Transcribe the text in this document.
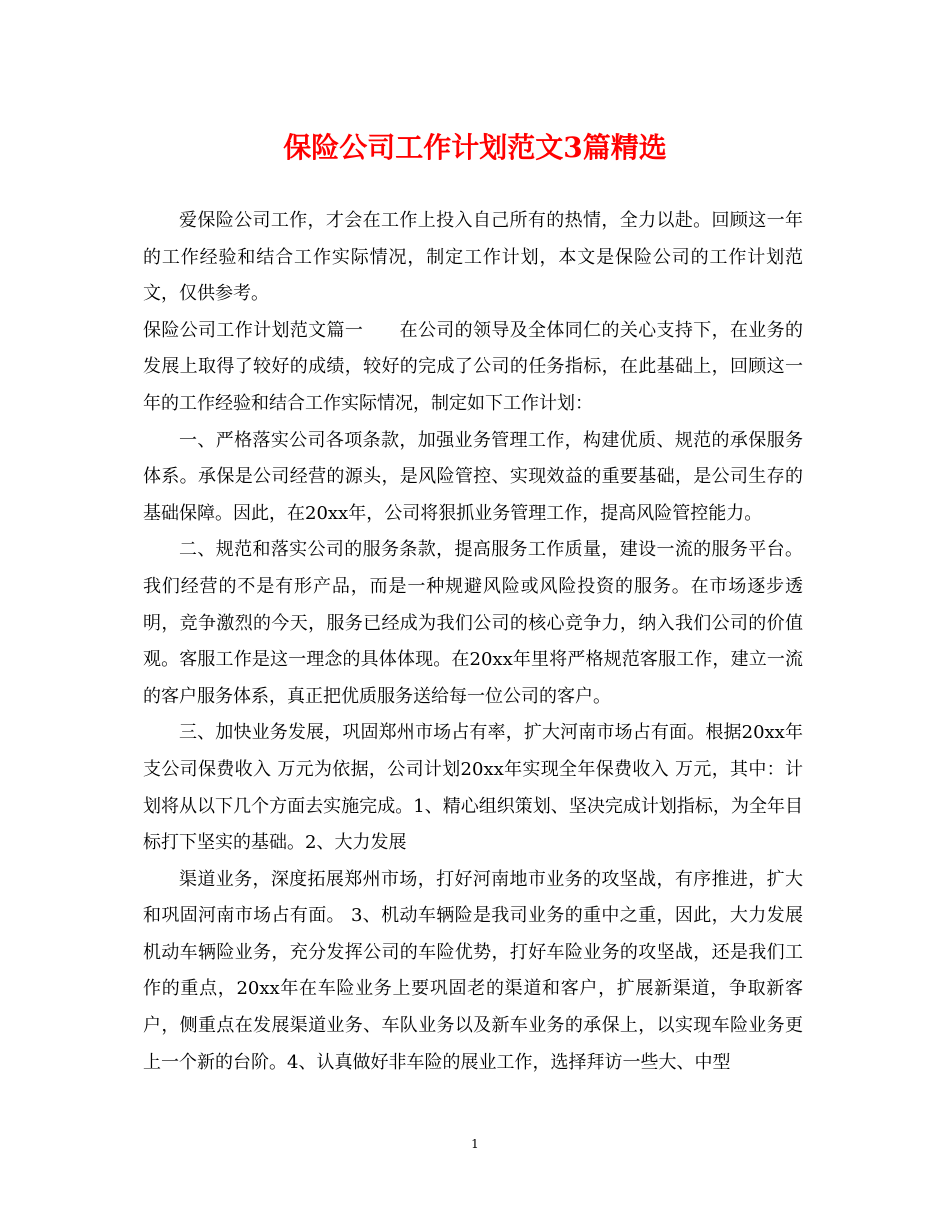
保险公司工作计划范文3篇精选

爱保险公司工作，才会在工作上投入自己所有的热情，全力以赴。回顾这一年的工作经验和结合工作实际情况，制定工作计划，本文是保险公司的工作计划范文，仅供参考。

保险公司工作计划范文篇一 在公司的领导及全体同仁的关心支持下，在业务的发展上取得了较好的成绩，较好的完成了公司的任务指标，在此基础上，回顾这一年的工作经验和结合工作实际情况，制定如下工作计划：

一、严格落实公司各项条款，加强业务管理工作，构建优质、规范的承保服务体系。承保是公司经营的源头，是风险管控、实现效益的重要基础，是公司生存的基础保障。因此，在20xx年，公司将狠抓业务管理工作，提高风险管控能力。

二、规范和落实公司的服务条款，提高服务工作质量，建设一流的服务平台。我们经营的不是有形产品，而是一种规避风险或风险投资的服务。在市场逐步透明，竞争激烈的今天，服务已经成为我们公司的核心竞争力，纳入我们公司的价值观。客服工作是这一理念的具体体现。在20xx年里将严格规范客服工作，建立一流的客户服务体系，真正把优质服务送给每一位公司的客户。

三、加快业务发展，巩固郑州市场占有率，扩大河南市场占有面。根据20xx年支公司保费收入 万元为依据，公司计划20xx年实现全年保费收入 万元，其中：计划将从以下几个方面去实施完成。1、精心组织策划、坚决完成计划指标，为全年目标打下坚实的基础。2、大力发展

渠道业务，深度拓展郑州市场，打好河南地市业务的攻坚战，有序推进，扩大和巩固河南市场占有面。 3、机动车辆险是我司业务的重中之重，因此，大力发展机动车辆险业务，充分发挥公司的车险优势，打好车险业务的攻坚战，还是我们工作的重点，20xx年在车险业务上要巩固老的渠道和客户，扩展新渠道，争取新客户，侧重点在发展渠道业务、车队业务以及新车业务的承保上，以实现车险业务更上一个新的台阶。4、认真做好非车险的展业工作，选择拜访一些大、中型

1
